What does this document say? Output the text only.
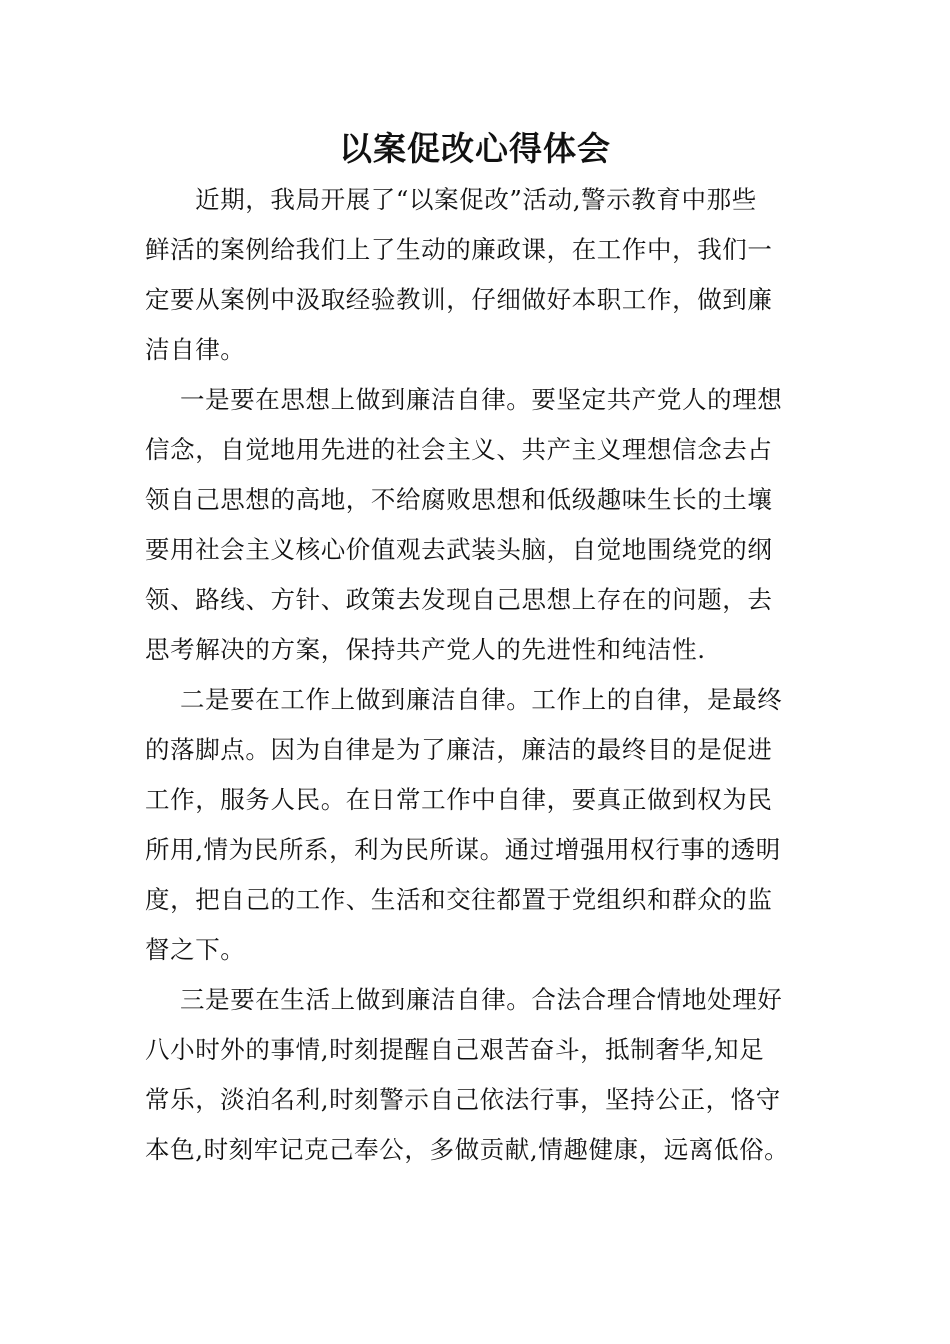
以案促改心得体会
　近期，我局开展了“以案促改”活动,警示教育中那些
鲜活的案例给我们上了生动的廉政课，在工作中，我们一
定要从案例中汲取经验教训，仔细做好本职工作，做到廉
洁自律。
一是要在思想上做到廉洁自律。要坚定共产党人的理想
信念，自觉地用先进的社会主义、共产主义理想信念去占
领自己思想的高地，不给腐败思想和低级趣味生长的土壤
要用社会主义核心价值观去武装头脑，自觉地围绕党的纲
领、路线、方针、政策去发现自己思想上存在的问题，去
思考解决的方案，保持共产党人的先进性和纯洁性.
二是要在工作上做到廉洁自律。工作上的自律，是最终
的落脚点。因为自律是为了廉洁，廉洁的最终目的是促进
工作，服务人民。在日常工作中自律，要真正做到权为民
所用,情为民所系，利为民所谋。通过增强用权行事的透明
度，把自己的工作、生活和交往都置于党组织和群众的监
督之下。
三是要在生活上做到廉洁自律。合法合理合情地处理好
八小时外的事情,时刻提醒自己艰苦奋斗，抵制奢华,知足
常乐，淡泊名利,时刻警示自己依法行事，坚持公正，恪守
本色,时刻牢记克己奉公，多做贡献,情趣健康，远离低俗。
